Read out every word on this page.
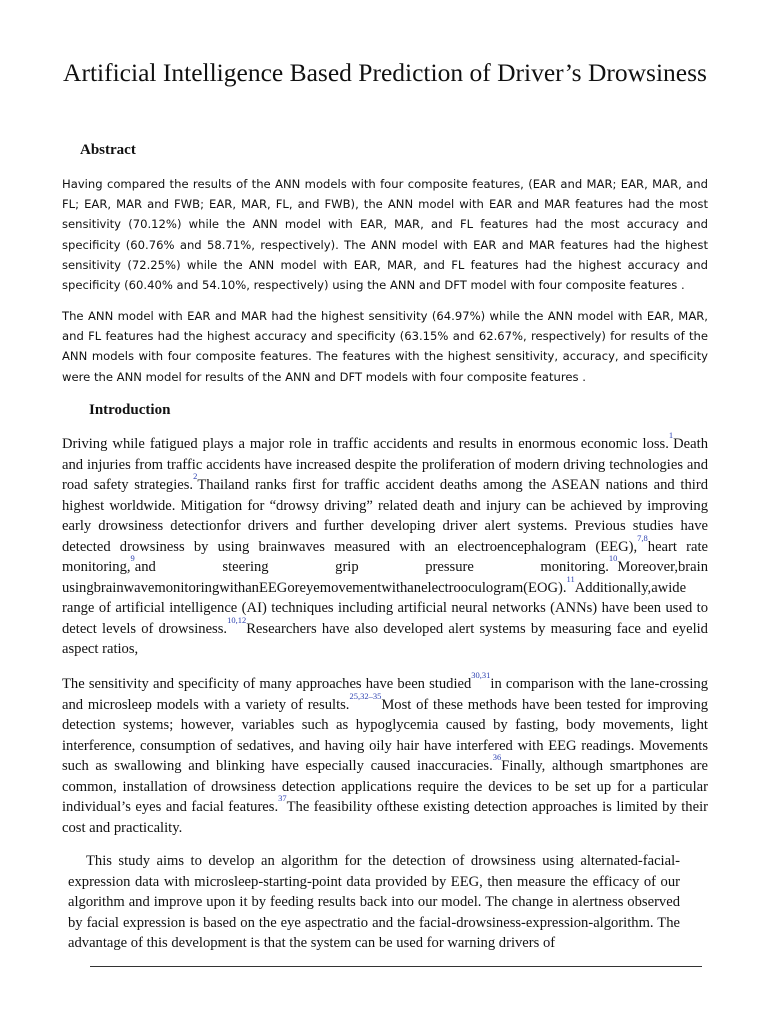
Artificial Intelligence Based Prediction of Driver’s Drowsiness
Abstract

Having compared the results of the ANN models with four composite features, (EAR and MAR; EAR, MAR, and FL; EAR, MAR and FWB; EAR, MAR, FL, and FWB), the ANN model with EAR and MAR features had the most sensitivity (70.12%) while the ANN model with EAR, MAR, and FL features had the most accuracy and specificity (60.76% and 58.71%, respectively). The ANN model with EAR and MAR features had the highest sensitivity (72.25%) while the ANN model with EAR, MAR, and FL features had the highest accuracy and specificity (60.40% and 54.10%, respectively) using the ANN and DFT model with four composite features .

The ANN model with EAR and MAR had the highest sensitivity (64.97%) while the ANN model with EAR, MAR, and FL features had the highest accuracy and specificity (63.15% and 62.67%, respectively) for results of the ANN models with four composite features. The features with the highest sensitivity, accuracy, and specificity were the ANN model for results of the ANN and DFT models with four composite features .

Introduction

Driving while fatigued plays a major role in traffic accidents and results in enormous economic loss.$^1$Death and injuries from traffic accidents have increased despite the proliferation of modern driving technologies and road safety strategies.$^2$Thailand ranks first for traffic accident deaths among the ASEAN nations and third highest worldwide. Mitigation for “drowsy driving” related death and injury can be achieved by improving early drowsiness detectionfor drivers and further developing driver alert systems. Previous studies have detected drowsiness by using brainwaves measured with an electroencephalogram (EEG),$^{7,8}$heart rate monitoring,$^9$and steering grip pressure monitoring.$^{10}$Moreover,brain usingbrainwavemonitoringwithanEEGoreyemovementwithanelectrooculogram(EOG).$^{11}$Additionally,awide range of artificial intelligence (AI) techniques including artificial neural networks (ANNs) have been used to detect levels of drowsiness.$^{10,12}$Researchers have also developed alert systems by measuring face and eyelid aspect ratios,

The sensitivity and specificity of many approaches have been studied$^{30,31}$in comparison with the lane-crossing and microsleep models with a variety of results.$^{25,32-35}$Most of these methods have been tested for improving detection systems; however, variables such as hypoglycemia caused by fasting, body movements, light interference, consumption of sedatives, and having oily hair have interfered with EEG readings. Movements such as swallowing and blinking have especially caused inaccuracies.$^{36}$Finally, although smartphones are common, installation of drowsiness detection applications require the devices to be set up for a particular individual’s eyes and facial features.$^{37}$The feasibility ofthese existing detection approaches is limited by their cost and practicality.

This study aims to develop an algorithm for the detection of drowsiness using alternated-facial-expression data with microsleep-starting-point data provided by EEG, then measure the efficacy of our algorithm and improve upon it by feeding results back into our model. The change in alertness observed by facial expression is based on the eye aspectratio and the facial-drowsiness-expression-algorithm. The advantage of this development is that the system can be used for warning drivers of
